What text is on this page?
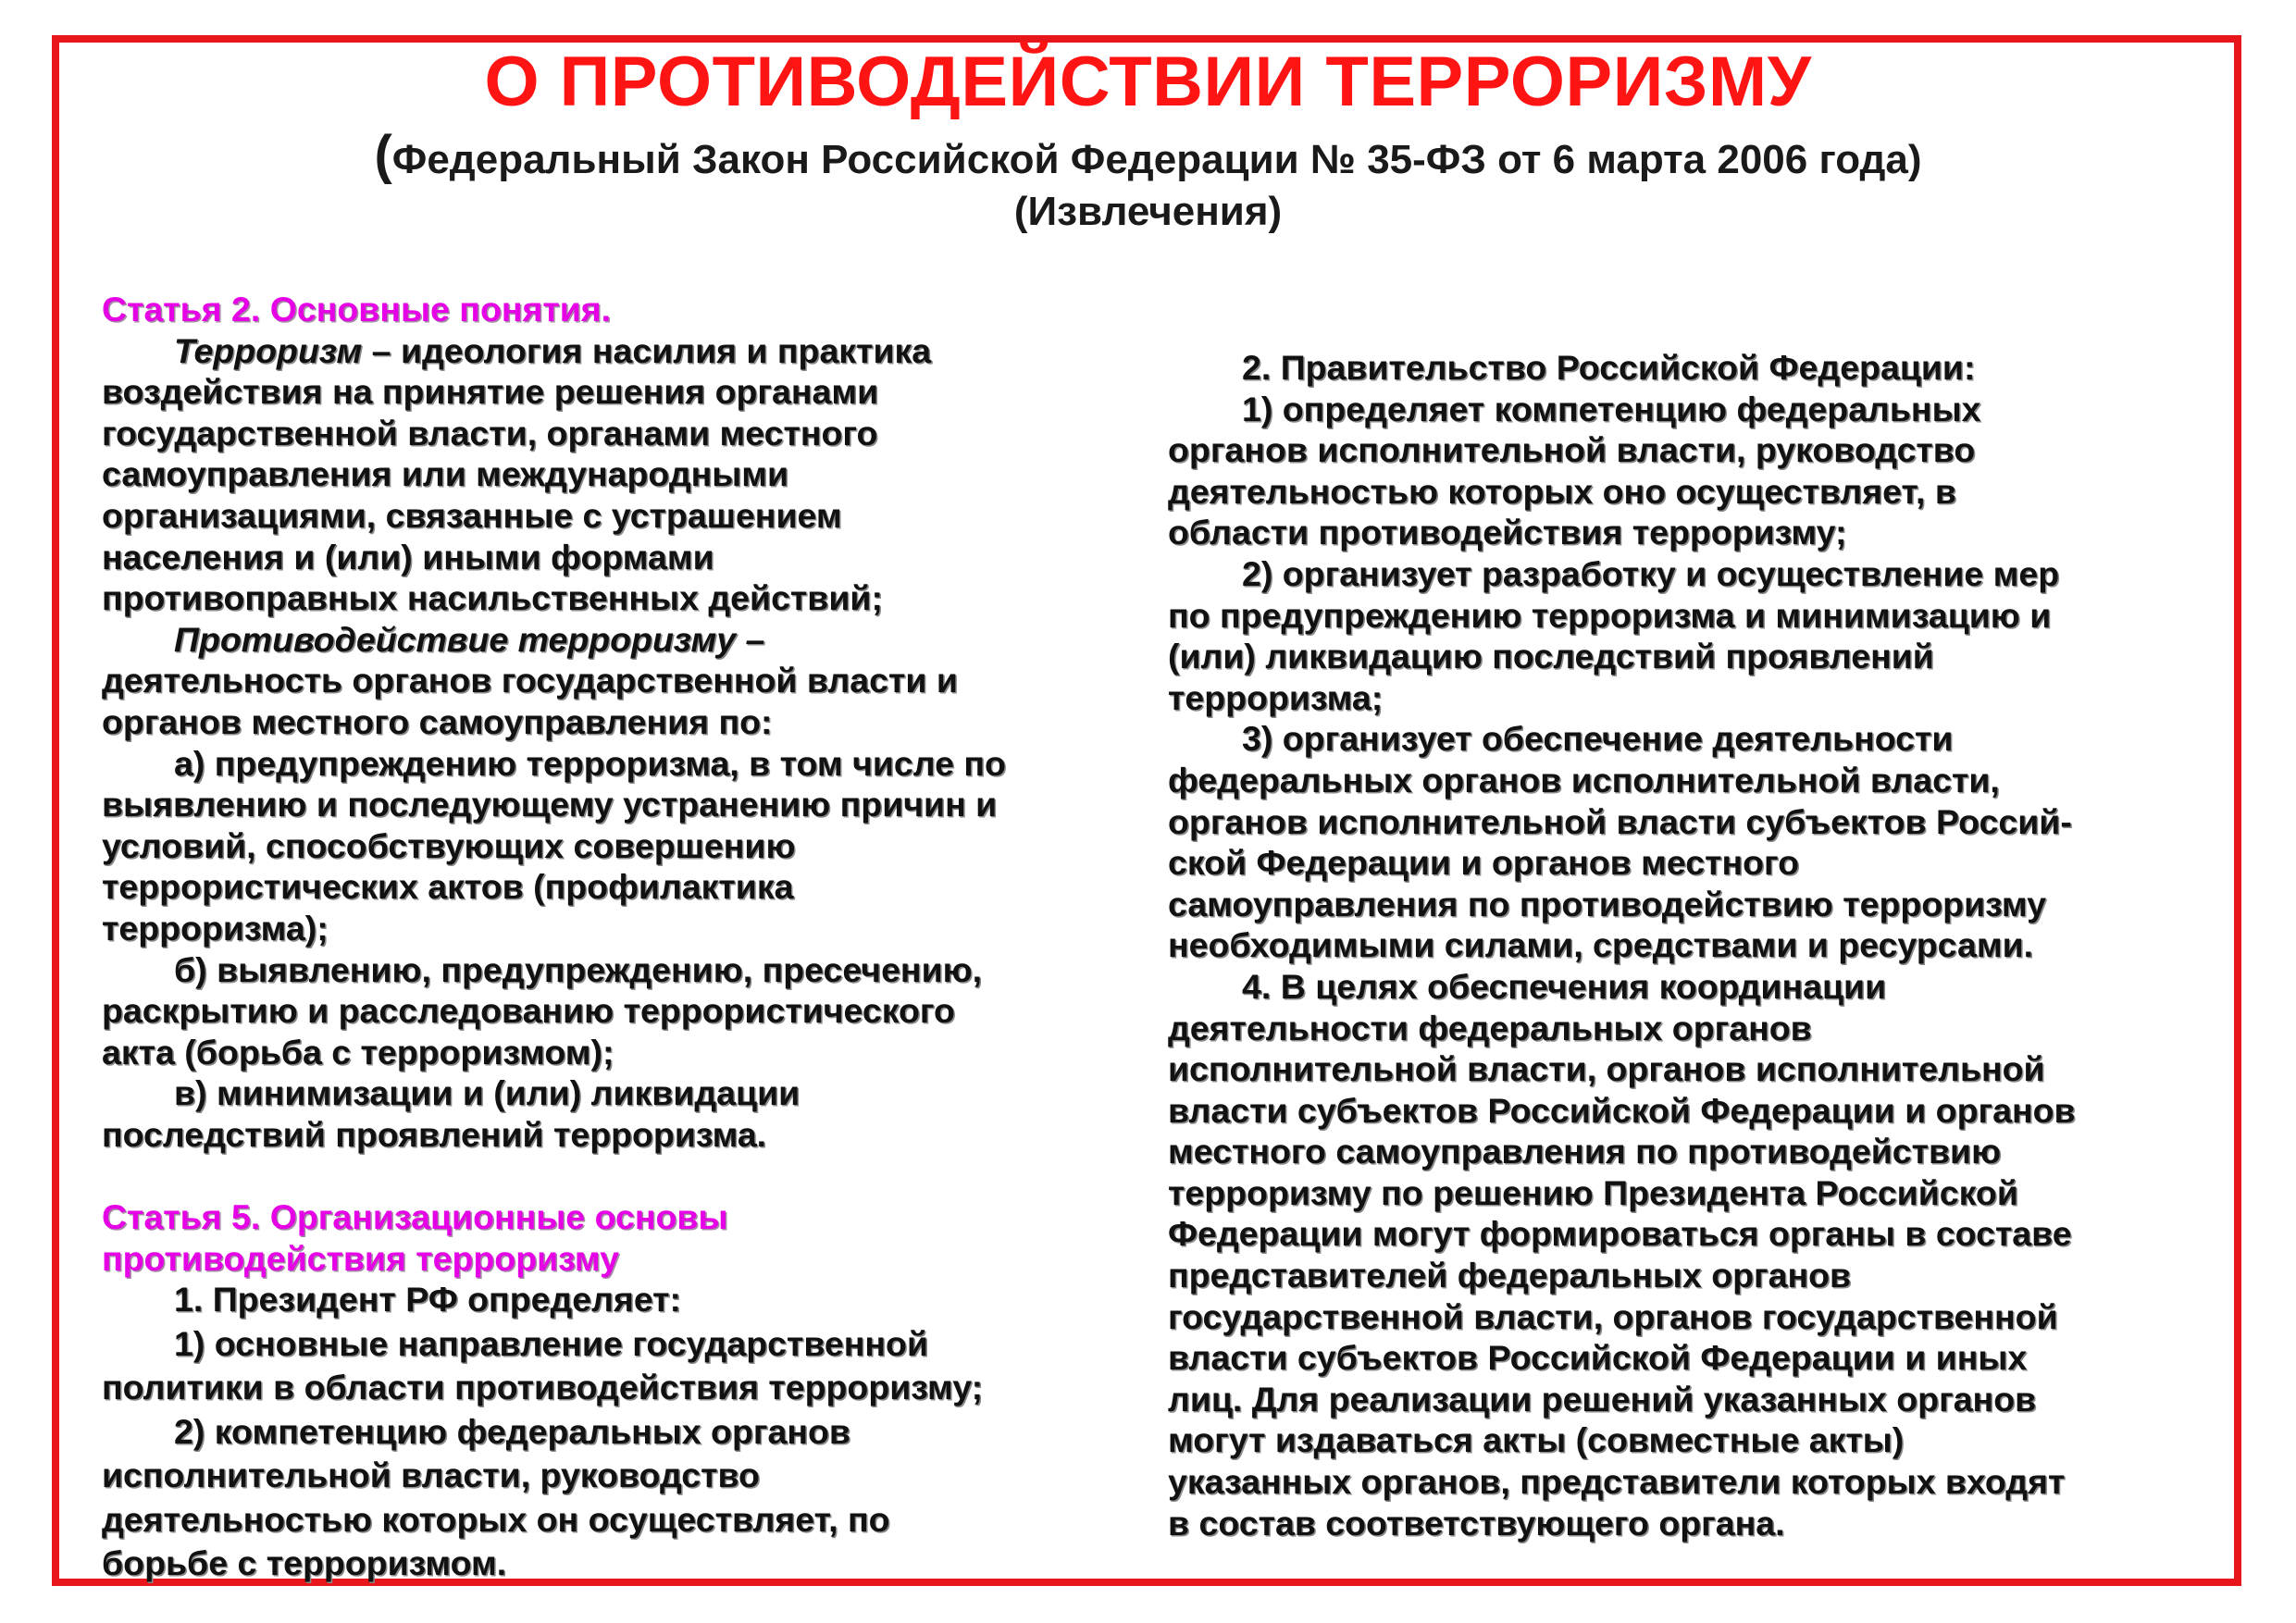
О ПРОТИВОДЕЙСТВИИ ТЕРРОРИЗМУ

(Федеральный Закон Российской Федерации № 35-ФЗ от 6 марта 2006 года)

(Извлечения)

Статья 2. Основные понятия.
Терроризм – идеология насилия и практика
воздействия на принятие решения органами
государственной власти, органами местного
самоуправления или международными
организациями, связанные с устрашением
населения и (или) иными формами
противоправных насильственных действий;
Противодействие терроризму –
деятельность органов государственной власти и
органов местного самоуправления по:
а) предупреждению терроризма, в том числе по
выявлению и последующему устранению причин и
условий, способствующих совершению
террористических актов (профилактика
терроризма);
б) выявлению, предупреждению, пресечению,
раскрытию и расследованию террористического
акта (борьба с терроризмом);
в) минимизации и (или) ликвидации
последствий проявлений терроризма.
Статья 5. Организационные основы
противодействия терроризму
1. Президент РФ определяет:
1) основные направление государственной
политики в области противодействия терроризму;
2) компетенцию федеральных органов
исполнительной власти, руководство
деятельностью которых он осуществляет, по
борьбе с терроризмом.
2. Правительство Российской Федерации:
1) определяет компетенцию федеральных
органов исполнительной власти, руководство
деятельностью которых оно осуществляет, в
области противодействия терроризму;
2) организует разработку и осуществление мер
по предупреждению терроризма и минимизацию и
(или) ликвидацию последствий проявлений
терроризма;
3) организует обеспечение деятельности
федеральных органов исполнительной власти,
органов исполнительной власти субъектов Россий-
ской Федерации и органов местного
самоуправления по противодействию терроризму
необходимыми силами, средствами и ресурсами.
4. В целях обеспечения координации
деятельности федеральных органов
исполнительной власти, органов исполнительной
власти субъектов Российской Федерации и органов
местного самоуправления по противодействию
терроризму по решению Президента Российской
Федерации могут формироваться органы в составе
представителей федеральных органов
государственной власти, органов государственной
власти субъектов Российской Федерации и иных
лиц. Для реализации решений указанных органов
могут издаваться акты (совместные акты)
указанных органов, представители которых входят
в состав соответствующего органа.
